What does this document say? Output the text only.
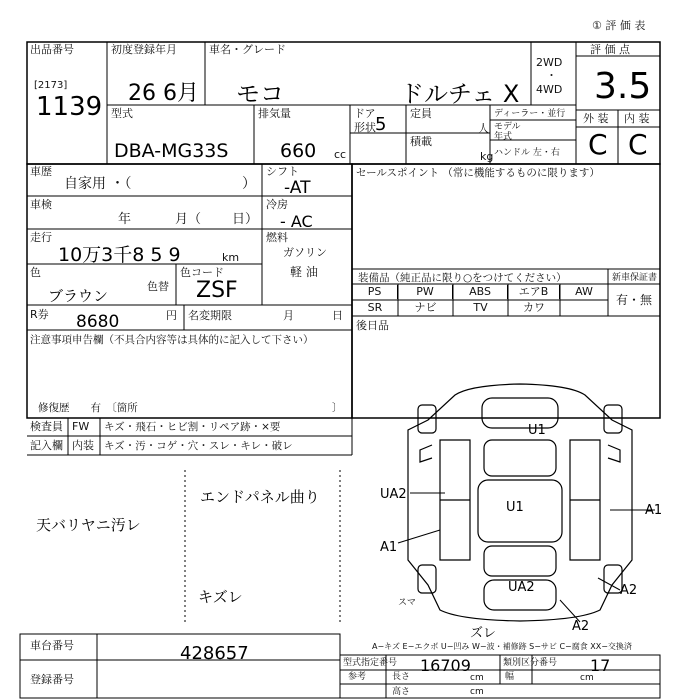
① 評 価 表
出品番号
[2173]
1139
初度登録年月
26 6月
車名・グレード
モコ	ドルチェ X
2WD
・
4WD
評 価 点
3.5
型式
DBA-MG33S
排気量
660 cc
ドア
5
形状
定員
人
積載
kg
ディーラー・並行
モデル
年式
ハンドル 左・右
外 装 内 装
C C
車歴
自家用 ・（	）
車検
年	月（ 日）
走行
10万3千8 5 9	km
色
ブラウン
色替
色コード
ZSF
シフト
-AT
冷房
- AC
燃料
ガソリン
軽 油
R券 8680	円 名変期限	月	日
注意事項申告欄（不具合内容等は具体的に記入して下さい）
修復歴　　有　〔箇所	〕
セールスポイント （常に機能するものに限ります）
装備品（純正品に限り○をつけてください）	新車保証書
有・無
PS	PW	ABS	エアB	AW
SR	ナビ	TV	カワ
後日品
検査員
記入欄
FW キズ・飛石・ヒビ割・リペア跡・×要
内装 キズ・汚・コゲ・穴・スレ・キレ・破レ
エンドパネル曲り
天バリヤニ汚レ
キズレ
U1
U1
UA2
A1
A1
UA2	A2
A2
ズレ
スマ
A−キズ E−エクボ U−凹み W−波・補修跡 S−サビ C−腐食 XX−交換済
車台番号	428657
登録番号
型式指定番号 16709	類別区分番号 17
参考	長さ	cm 幅	cm
高さ	cm
